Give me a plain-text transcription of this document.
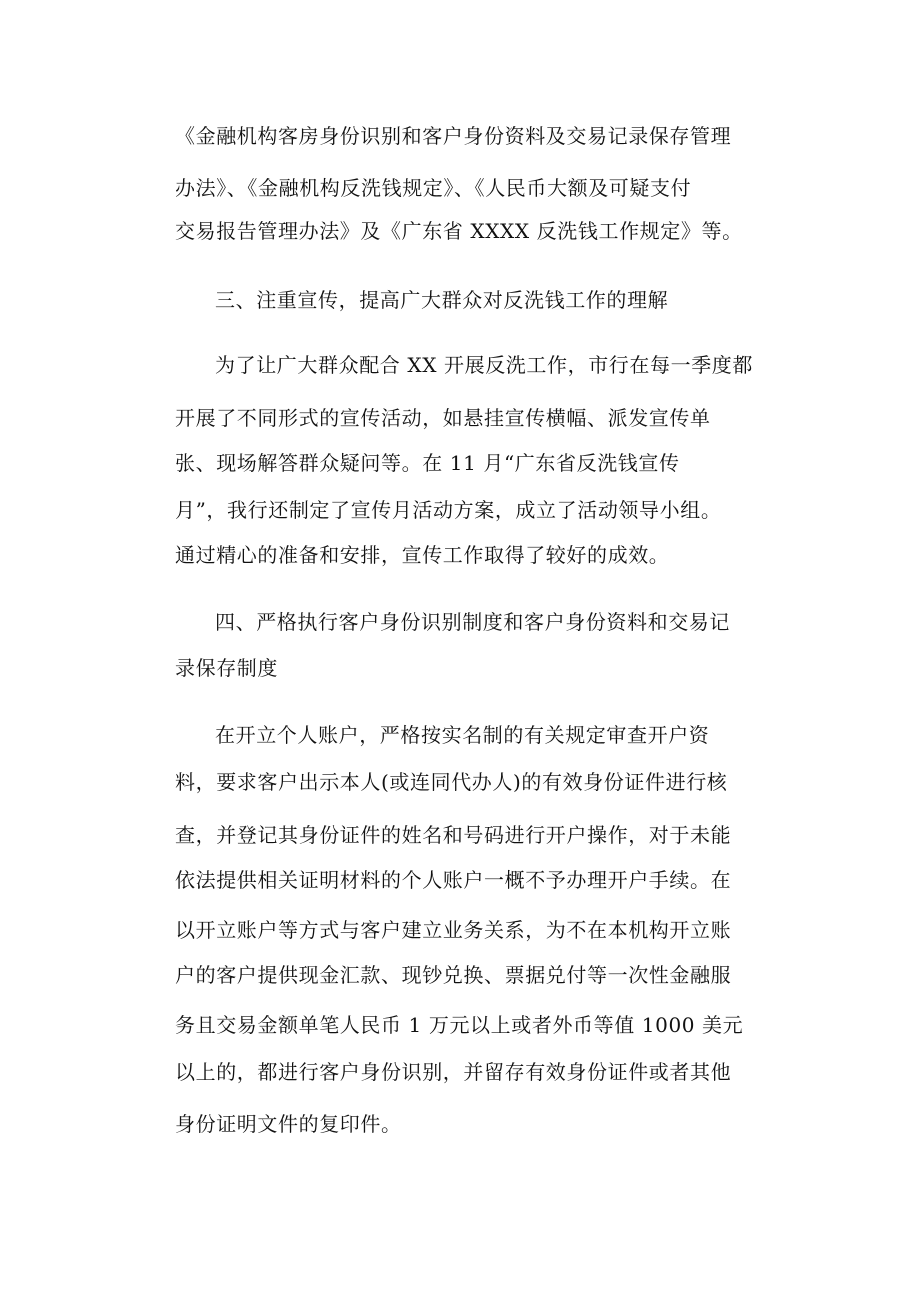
《金融机构客房身份识别和客户身份资料及交易记录保存管理
办法》、《金融机构反洗钱规定》、《人民币大额及可疑支付
交易报告管理办法》及《广东省 XXXX 反洗钱工作规定》等。
三、注重宣传，提高广大群众对反洗钱工作的理解
为了让广大群众配合 XX 开展反洗工作，市行在每一季度都
开展了不同形式的宣传活动，如悬挂宣传横幅、派发宣传单
张、现场解答群众疑问等。在 11 月“广东省反洗钱宣传
月”，我行还制定了宣传月活动方案，成立了活动领导小组。
通过精心的准备和安排，宣传工作取得了较好的成效。
四、严格执行客户身份识别制度和客户身份资料和交易记
录保存制度
在开立个人账户，严格按实名制的有关规定审查开户资
料，要求客户出示本人(或连同代办人)的有效身份证件进行核
查，并登记其身份证件的姓名和号码进行开户操作，对于未能
依法提供相关证明材料的个人账户一概不予办理开户手续。在
以开立账户等方式与客户建立业务关系，为不在本机构开立账
户的客户提供现金汇款、现钞兑换、票据兑付等一次性金融服
务且交易金额单笔人民币 1 万元以上或者外币等值 1000 美元
以上的，都进行客户身份识别，并留存有效身份证件或者其他
身份证明文件的复印件。
